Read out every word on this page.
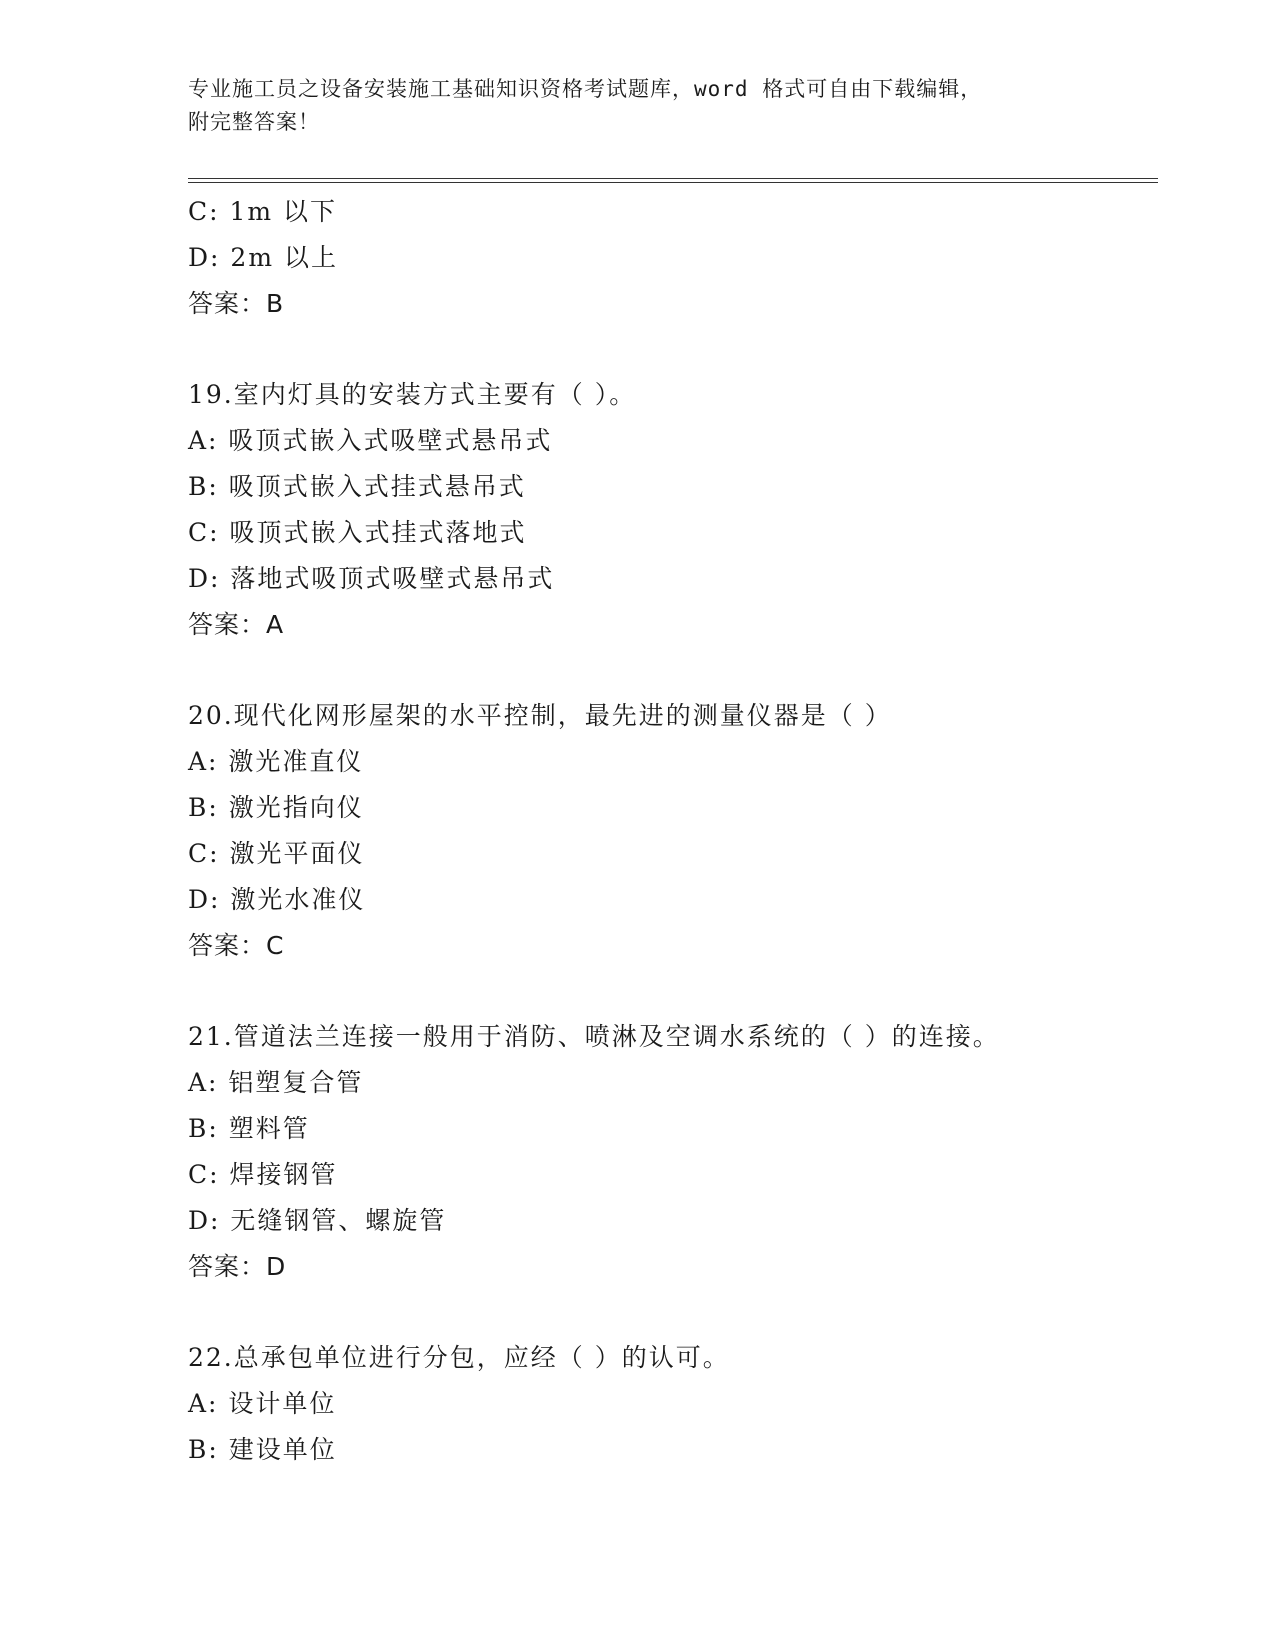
专业施工员之设备安装施工基础知识资格考试题库，word 格式可自由下载编辑，
附完整答案！
C: 1m 以下
D: 2m 以上
答案：B
19.室内灯具的安装方式主要有（ ）。
A: 吸顶式嵌入式吸壁式悬吊式
B: 吸顶式嵌入式挂式悬吊式
C: 吸顶式嵌入式挂式落地式
D: 落地式吸顶式吸壁式悬吊式
答案：A
20.现代化网形屋架的水平控制，最先进的测量仪器是（ ）
A: 激光准直仪
B: 激光指向仪
C: 激光平面仪
D: 激光水准仪
答案：C
21.管道法兰连接一般用于消防、喷淋及空调水系统的（ ）的连接。
A: 铝塑复合管
B: 塑料管
C: 焊接钢管
D: 无缝钢管、螺旋管
答案：D
22.总承包单位进行分包，应经（ ）的认可。
A: 设计单位
B: 建设单位
